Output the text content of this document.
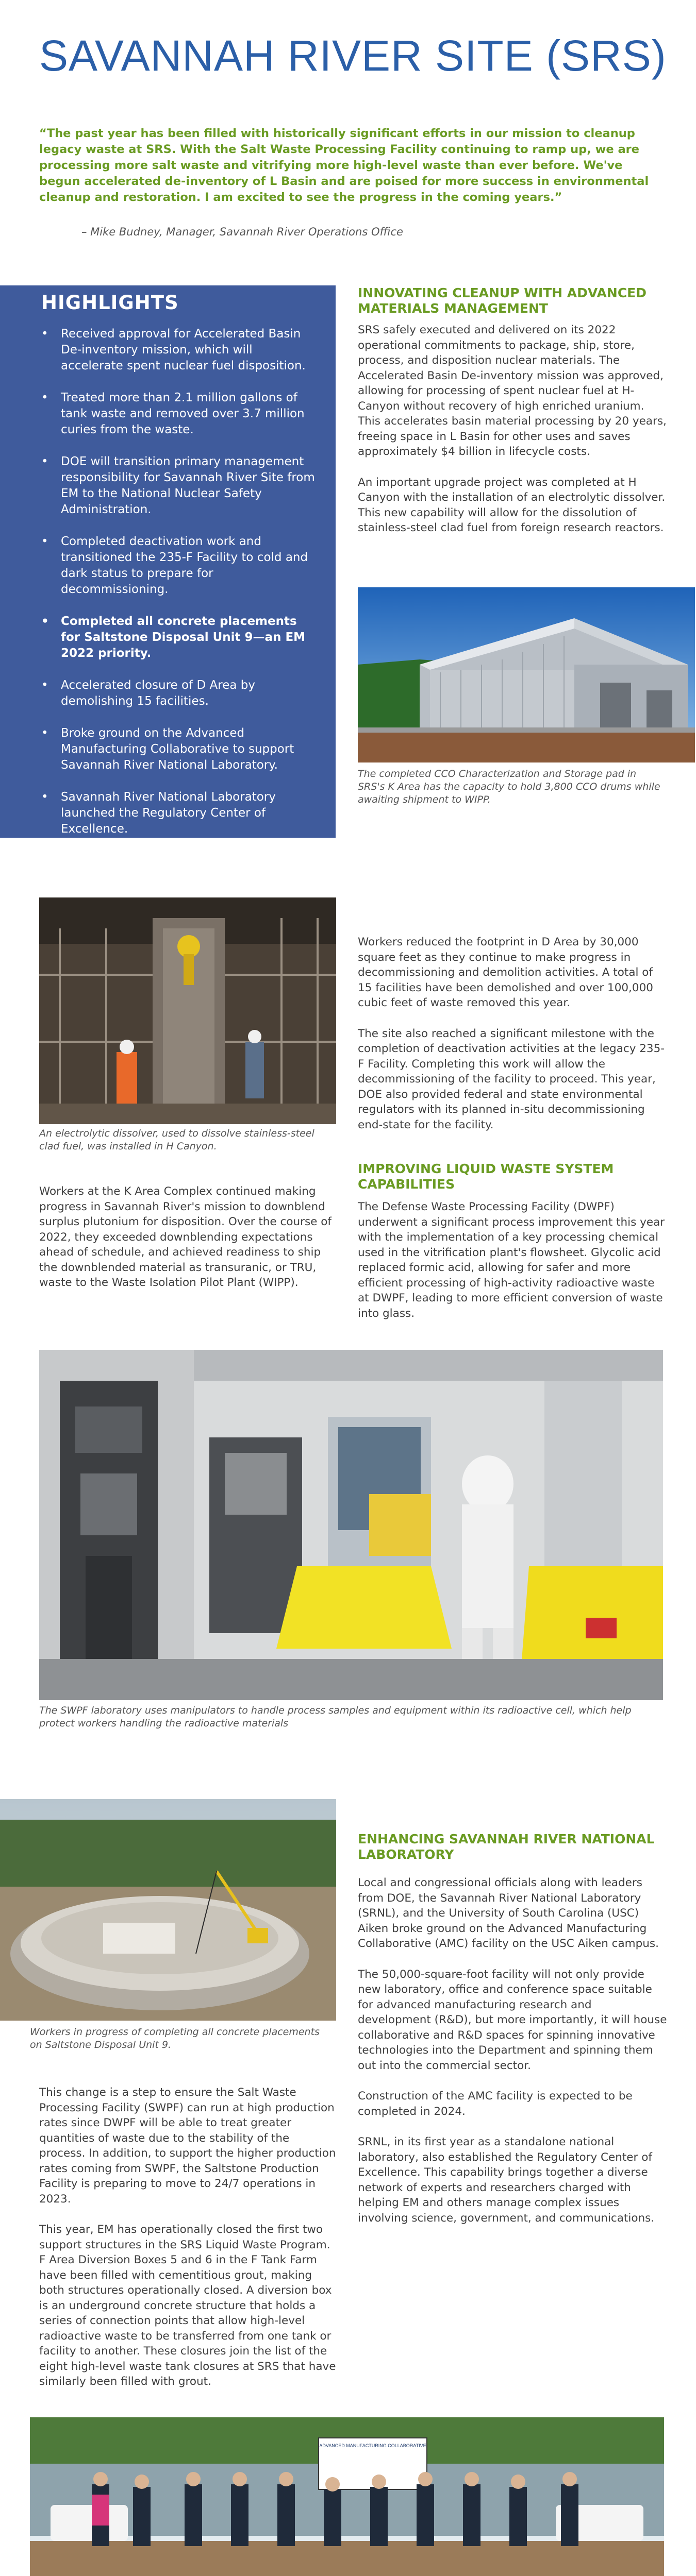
SAVANNAH RIVER SITE (SRS)

“The past year has been filled with historically significant efforts in our mission to cleanup legacy waste at SRS. With the Salt Waste Processing Facility continuing to ramp up, we are processing more salt waste and vitrifying more high-level waste than ever before. We've begun accelerated de-inventory of L Basin and are poised for more success in environmental cleanup and restoration. I am excited to see the progress in the coming years.”

– Mike Budney, Manager, Savannah River Operations Office
HIGHLIGHTS
• Received approval for Accelerated Basin De-inventory mission, which will accelerate spent nuclear fuel disposition.
• Treated more than 2.1 million gallons of tank waste and removed over 3.7 million curies from the waste.
• DOE will transition primary management responsibility for Savannah River Site from EM to the National Nuclear Safety Administration.
• Completed deactivation work and transitioned the 235-F Facility to cold and dark status to prepare for decommissioning.
• Completed all concrete placements for Saltstone Disposal Unit 9—an EM 2022 priority.
• Accelerated closure of D Area by demolishing 15 facilities.
• Broke ground on the Advanced Manufacturing Collaborative to support Savannah River National Laboratory.
• Savannah River National Laboratory launched the Regulatory Center of Excellence.
INNOVATING CLEANUP WITH ADVANCED MATERIALS MANAGEMENT

SRS safely executed and delivered on its 2022 operational commitments to package, ship, store, process, and disposition nuclear materials. The Accelerated Basin De-inventory mission was approved, allowing for processing of spent nuclear fuel at H-Canyon without recovery of high enriched uranium. This accelerates basin material processing by 20 years, freeing space in L Basin for other uses and saves approximately $4 billion in lifecycle costs.

An important upgrade project was completed at H Canyon with the installation of an electrolytic dissolver. This new capability will allow for the dissolution of stainless-steel clad fuel from foreign research reactors.

The completed CCO Characterization and Storage pad in SRS's K Area has the capacity to hold 3,800 CCO drums while awaiting shipment to WIPP.

An electrolytic dissolver, used to dissolve stainless-steel clad fuel, was installed in H Canyon.

Workers at the K Area Complex continued making progress in Savannah River's mission to downblend surplus plutonium for disposition. Over the course of 2022, they exceeded downblending expectations ahead of schedule, and achieved readiness to ship the downblended material as transuranic, or TRU, waste to the Waste Isolation Pilot Plant (WIPP).

Workers reduced the footprint in D Area by 30,000 square feet as they continue to make progress in decommissioning and demolition activities. A total of 15 facilities have been demolished and over 100,000 cubic feet of waste removed this year.

The site also reached a significant milestone with the completion of deactivation activities at the legacy 235-F Facility. Completing this work will allow the decommissioning of the facility to proceed. This year, DOE also provided federal and state environmental regulators with its planned in-situ decommissioning end-state for the facility.

IMPROVING LIQUID WASTE SYSTEM CAPABILITIES

The Defense Waste Processing Facility (DWPF) underwent a significant process improvement this year with the implementation of a key processing chemical used in the vitrification plant's flowsheet. Glycolic acid replaced formic acid, allowing for safer and more efficient processing of high-activity radioactive waste at DWPF, leading to more efficient conversion of waste into glass.

The SWPF laboratory uses manipulators to handle process samples and equipment within its radioactive cell, which help protect workers handling the radioactive materials

Workers in progress of completing all concrete placements on Saltstone Disposal Unit 9.

This change is a step to ensure the Salt Waste Processing Facility (SWPF) can run at high production rates since DWPF will be able to treat greater quantities of waste due to the stability of the process. In addition, to support the higher production rates coming from SWPF, the Saltstone Production Facility is preparing to move to 24/7 operations in 2023.

This year, EM has operationally closed the first two support structures in the SRS Liquid Waste Program. F Area Diversion Boxes 5 and 6 in the F Tank Farm have been filled with cementitious grout, making both structures operationally closed. A diversion box is an underground concrete structure that holds a series of connection points that allow high-level radioactive waste to be transferred from one tank or facility to another. These closures join the list of the eight high-level waste tank closures at SRS that have similarly been filled with grout.

ENHANCING SAVANNAH RIVER NATIONAL LABORATORY

Local and congressional officials along with leaders from DOE, the Savannah River National Laboratory (SRNL), and the University of South Carolina (USC) Aiken broke ground on the Advanced Manufacturing Collaborative (AMC) facility on the USC Aiken campus.

The 50,000-square-foot facility will not only provide new laboratory, office and conference space suitable for advanced manufacturing research and development (R&D), but more importantly, it will house collaborative and R&D spaces for spinning innovative technologies into the Department and spinning them out into the commercial sector.

Construction of the AMC facility is expected to be completed in 2024.

SRNL, in its first year as a standalone national laboratory, also established the Regulatory Center of Excellence. This capability brings together a diverse network of experts and researchers charged with helping EM and others manage complex issues involving science, government, and communications.

ADVANCED MANUFACTURING COLLABORATIVE
